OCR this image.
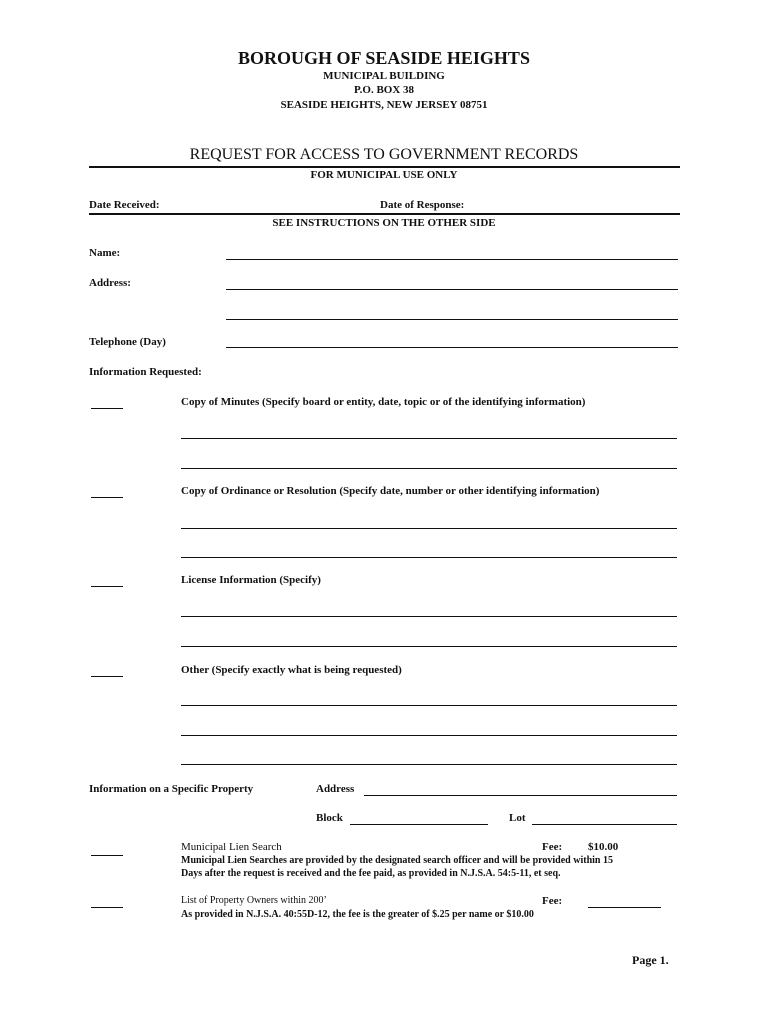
BOROUGH OF SEASIDE HEIGHTS
MUNICIPAL BUILDING
P.O. BOX 38
SEASIDE HEIGHTS, NEW JERSEY 08751
REQUEST FOR ACCESS TO GOVERNMENT RECORDS
FOR MUNICIPAL USE ONLY
Date Received:	Date of Response:
SEE INSTRUCTIONS ON THE OTHER SIDE
Name:
Address:
Telephone (Day)
Information Requested:
Copy of Minutes (Specify board or entity, date, topic or of the identifying information)
Copy of Ordinance or Resolution (Specify date, number or other identifying information)
License Information (Specify)
Other (Specify exactly what is being requested)
Information on a Specific Property	Address
Block	Lot
Municipal Lien Search	Fee: $10.00
Municipal Lien Searches are provided by the designated search officer and will be provided within 15
Days after the request is received and the fee paid, as provided in N.J.S.A. 54:5-11, et seq.
List of Property Owners within 200’	Fee:
As provided in N.J.S.A. 40:55D-12, the fee is the greater of $.25 per name or $10.00
Page 1.
